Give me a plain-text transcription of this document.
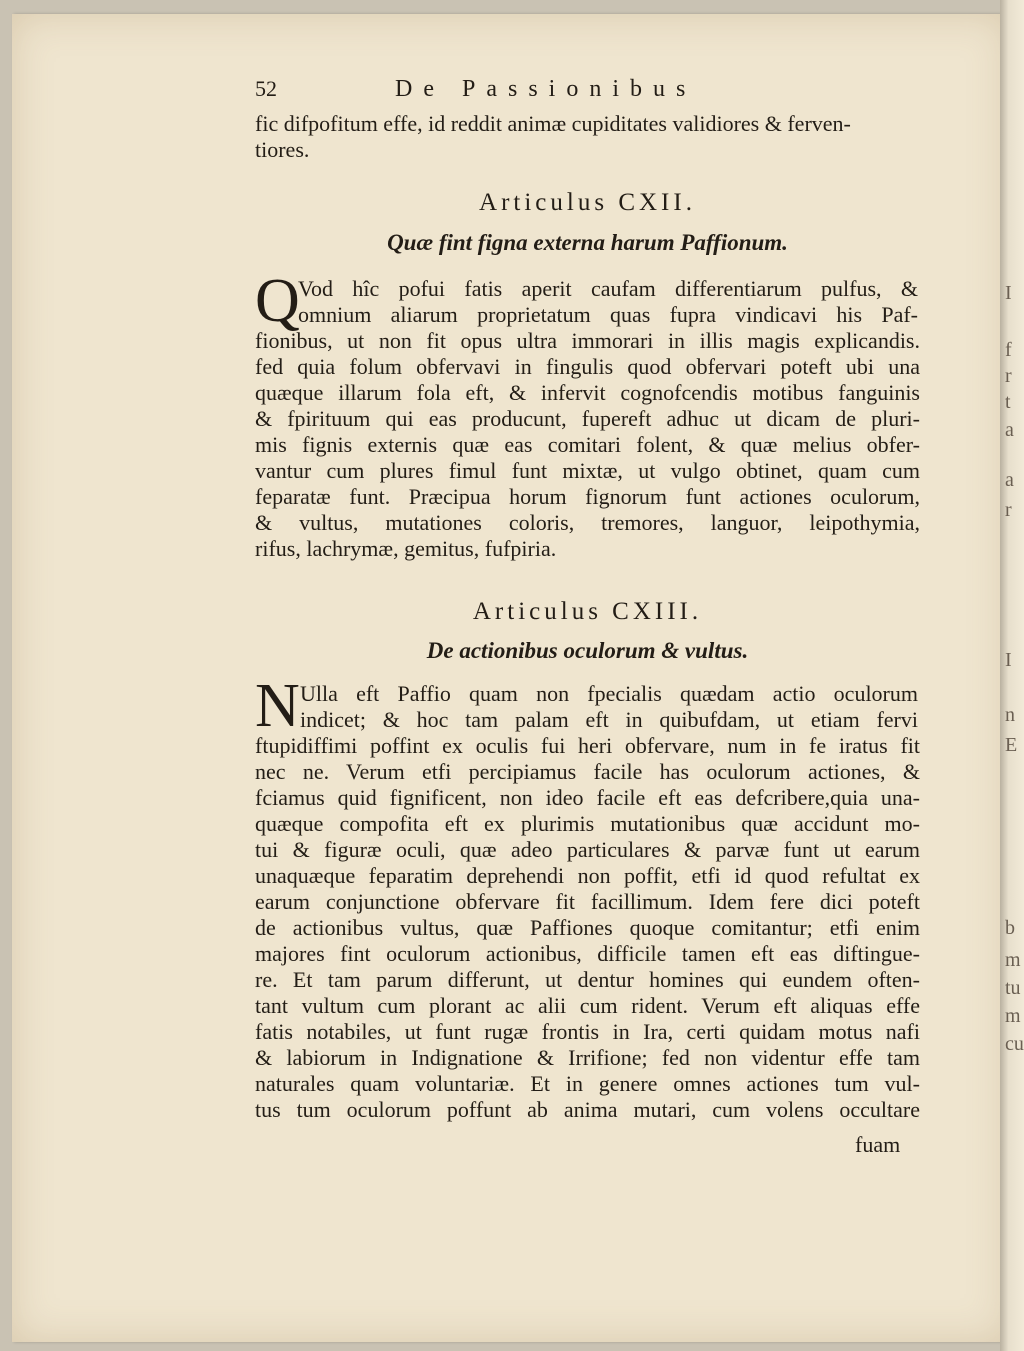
I
f
r
t
a
a
r
I
n
E
b
m
tu
m
cu
52	De Passionibus
fic difpofitum effe, id reddit animæ cupiditates validiores & ferven-
tiores.
Articulus CXII.
Quæ fint figna externa harum Paffionum.
Q
Vod hîc pofui fatis aperit caufam differentiarum pulfus, &
omnium aliarum proprietatum quas fupra vindicavi his Paf-
fionibus, ut non fit opus ultra immorari in illis magis explicandis.
fed quia folum obfervavi in fingulis quod obfervari poteft ubi una
quæque illarum fola eft, & infervit cognofcendis motibus fanguinis
& fpirituum qui eas producunt, fupereft adhuc ut dicam de pluri-
mis fignis externis quæ eas comitari folent, & quæ melius obfer-
vantur cum plures fimul funt mixtæ, ut vulgo obtinet, quam cum
feparatæ funt. Præcipua horum fignorum funt actiones oculorum,
& vultus, mutationes coloris, tremores, languor, leipothymia,
rifus, lachrymæ, gemitus, fufpiria.
Articulus CXIII.
De actionibus oculorum & vultus.
N Ulla eft Paffio quam non fpecialis quædam actio oculorum
indicet; & hoc tam palam eft in quibufdam, ut etiam fervi
ftupidiffimi poffint ex oculis fui heri obfervare, num in fe iratus fit
nec ne. Verum etfi percipiamus facile has oculorum actiones, &
fciamus quid fignificent, non ideo facile eft eas defcribere,quia una-
quæque compofita eft ex plurimis mutationibus quæ accidunt mo-
tui & figuræ oculi, quæ adeo particulares & parvæ funt ut earum
unaquæque feparatim deprehendi non poffit, etfi id quod refultat ex
earum conjunctione obfervare fit facillimum. Idem fere dici poteft
de actionibus vultus, quæ Paffiones quoque comitantur; etfi enim
majores fint oculorum actionibus, difficile tamen eft eas diftingue-
re. Et tam parum differunt, ut dentur homines qui eundem often-
tant vultum cum plorant ac alii cum rident. Verum eft aliquas effe
fatis notabiles, ut funt rugæ frontis in Ira, certi quidam motus nafi
& labiorum in Indignatione & Irrifione; fed non videntur effe tam
naturales quam voluntariæ. Et in genere omnes actiones tum vul-
tus tum oculorum poffunt ab anima mutari, cum volens occultare
fuam
